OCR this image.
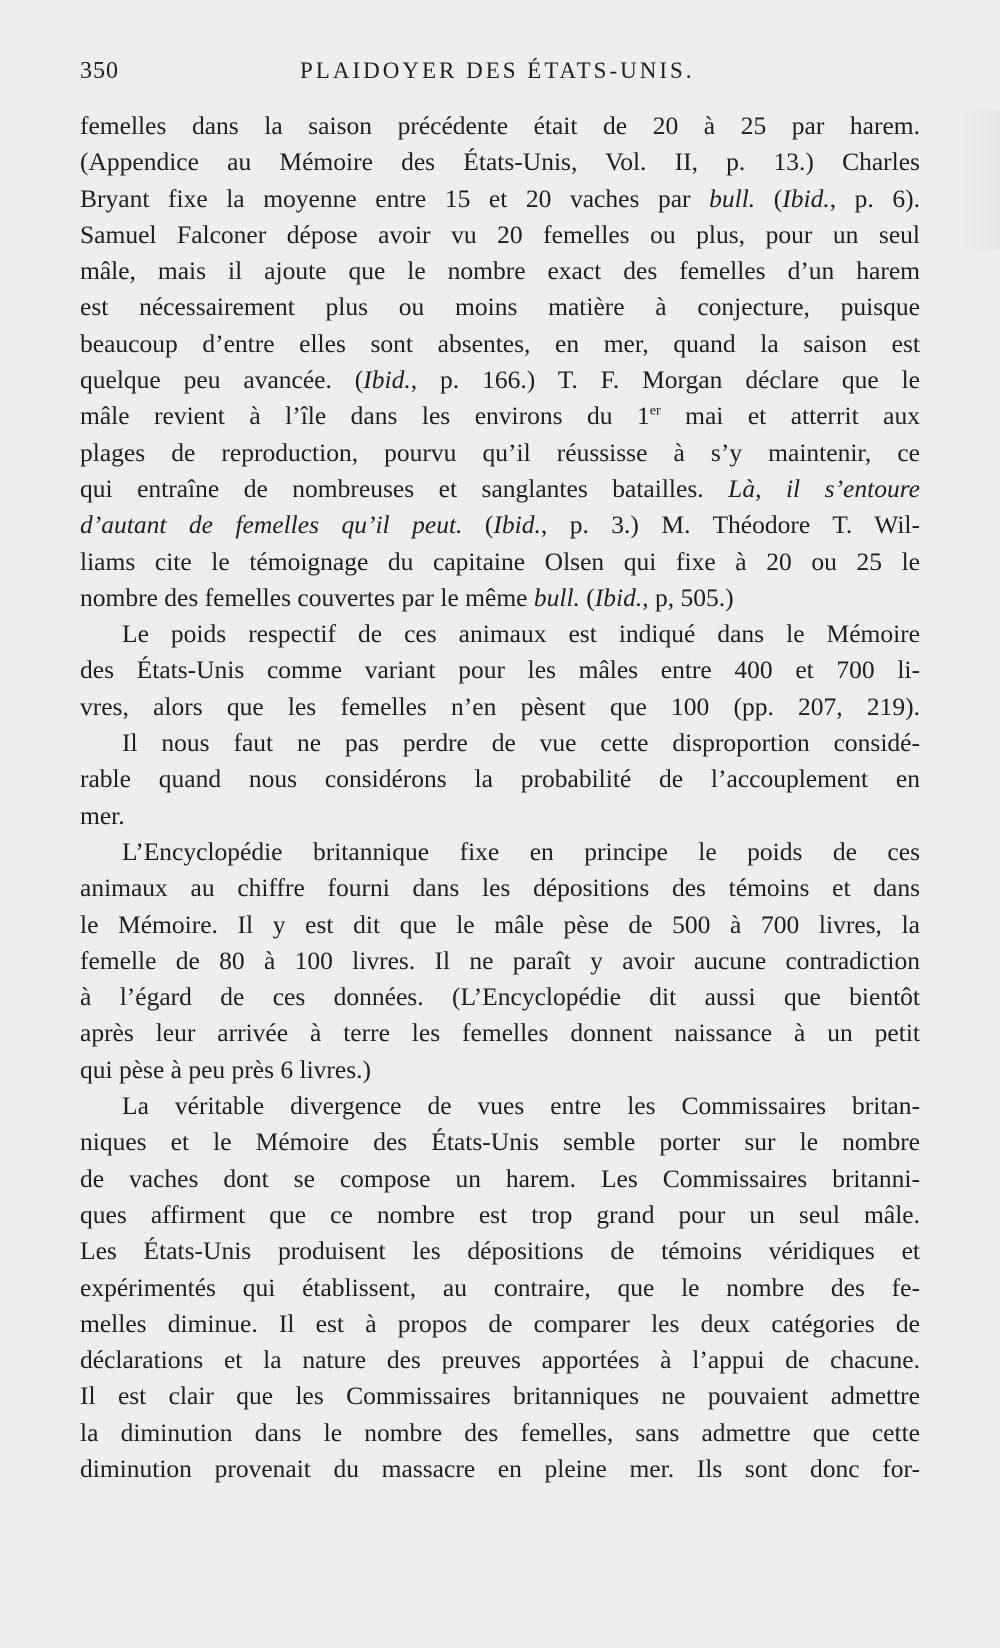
350	PLAIDOYER DES ÉTATS-UNIS.
femelles dans la saison précédente était de 20 à 25 par harem.
(Appendice au Mémoire des États-Unis, Vol. II, p. 13.) Charles
Bryant fixe la moyenne entre 15 et 20 vaches par bull. (Ibid., p. 6).
Samuel Falconer dépose avoir vu 20 femelles ou plus, pour un seul
mâle, mais il ajoute que le nombre exact des femelles d’un harem
est nécessairement plus ou moins matière à conjecture, puisque
beaucoup d’entre elles sont absentes, en mer, quand la saison est
quelque peu avancée. (Ibid., p. 166.) T. F. Morgan déclare que le
mâle revient à l’île dans les environs du 1er mai et atterrit aux
plages de reproduction, pourvu qu’il réussisse à s’y maintenir, ce
qui entraîne de nombreuses et sanglantes batailles. Là, il s’entoure
d’autant de femelles qu’il peut. (Ibid., p. 3.) M. Théodore T. Wil-
liams cite le témoignage du capitaine Olsen qui fixe à 20 ou 25 le
nombre des femelles couvertes par le même bull. (Ibid., p, 505.)
Le poids respectif de ces animaux est indiqué dans le Mémoire
des États-Unis comme variant pour les mâles entre 400 et 700 li-
vres, alors que les femelles n’en pèsent que 100 (pp. 207, 219).
Il nous faut ne pas perdre de vue cette disproportion considé-
rable quand nous considérons la probabilité de l’accouplement en
mer.
L’Encyclopédie britannique fixe en principe le poids de ces
animaux au chiffre fourni dans les dépositions des témoins et dans
le Mémoire. Il y est dit que le mâle pèse de 500 à 700 livres, la
femelle de 80 à 100 livres. Il ne paraît y avoir aucune contradiction
à l’égard de ces données. (L’Encyclopédie dit aussi que bientôt
après leur arrivée à terre les femelles donnent naissance à un petit
qui pèse à peu près 6 livres.)
La véritable divergence de vues entre les Commissaires britan-
niques et le Mémoire des États-Unis semble porter sur le nombre
de vaches dont se compose un harem. Les Commissaires britanni-
ques affirment que ce nombre est trop grand pour un seul mâle.
Les États-Unis produisent les dépositions de témoins véridiques et
expérimentés qui établissent, au contraire, que le nombre des fe-
melles diminue. Il est à propos de comparer les deux catégories de
déclarations et la nature des preuves apportées à l’appui de chacune.
Il est clair que les Commissaires britanniques ne pouvaient admettre
la diminution dans le nombre des femelles, sans admettre que cette
diminution provenait du massacre en pleine mer. Ils sont donc for-
